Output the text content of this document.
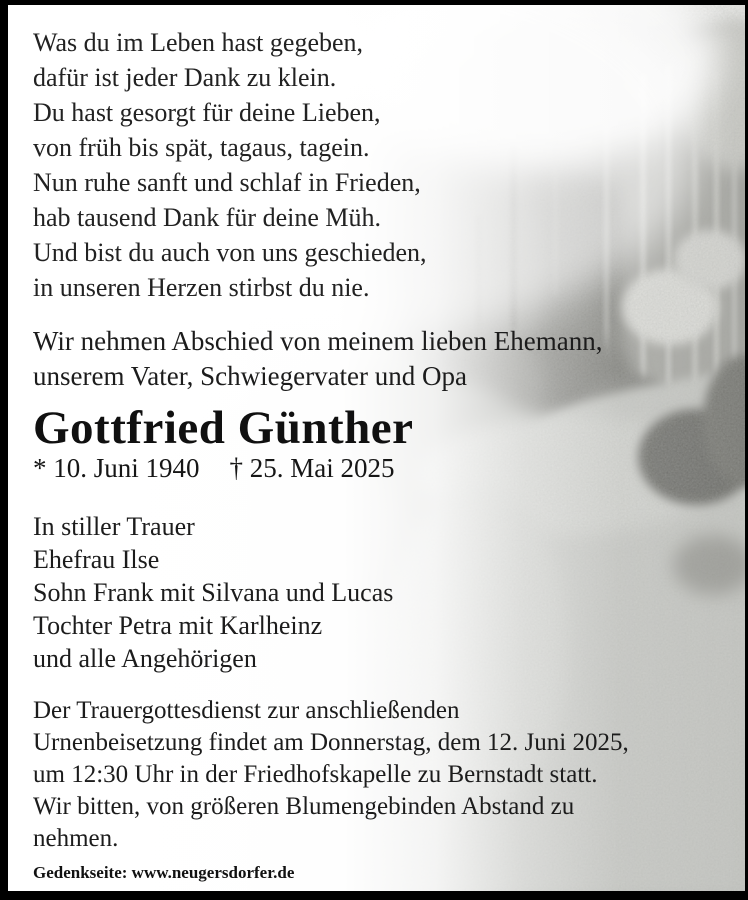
Was du im Leben hast gegeben,
dafür ist jeder Dank zu klein.
Du hast gesorgt für deine Lieben,
von früh bis spät, tagaus, tagein.
Nun ruhe sanft und schlaf in Frieden,
hab tausend Dank für deine Müh.
Und bist du auch von uns geschieden,
in unseren Herzen stirbst du nie.
Wir nehmen Abschied von meinem lieben Ehemann,
unserem Vater, Schwiegervater und Opa
Gottfried Günther
* 10. Juni 1940 † 25. Mai 2025
In stiller Trauer
Ehefrau Ilse
Sohn Frank mit Silvana und Lucas
Tochter Petra mit Karlheinz
und alle Angehörigen
Der Trauergottesdienst zur anschließenden
Urnenbeisetzung findet am Donnerstag, dem 12. Juni 2025,
um 12:30 Uhr in der Friedhofskapelle zu Bernstadt statt.
Wir bitten, von größeren Blumengebinden Abstand zu
nehmen.
Gedenkseite: www.neugersdorfer.de
